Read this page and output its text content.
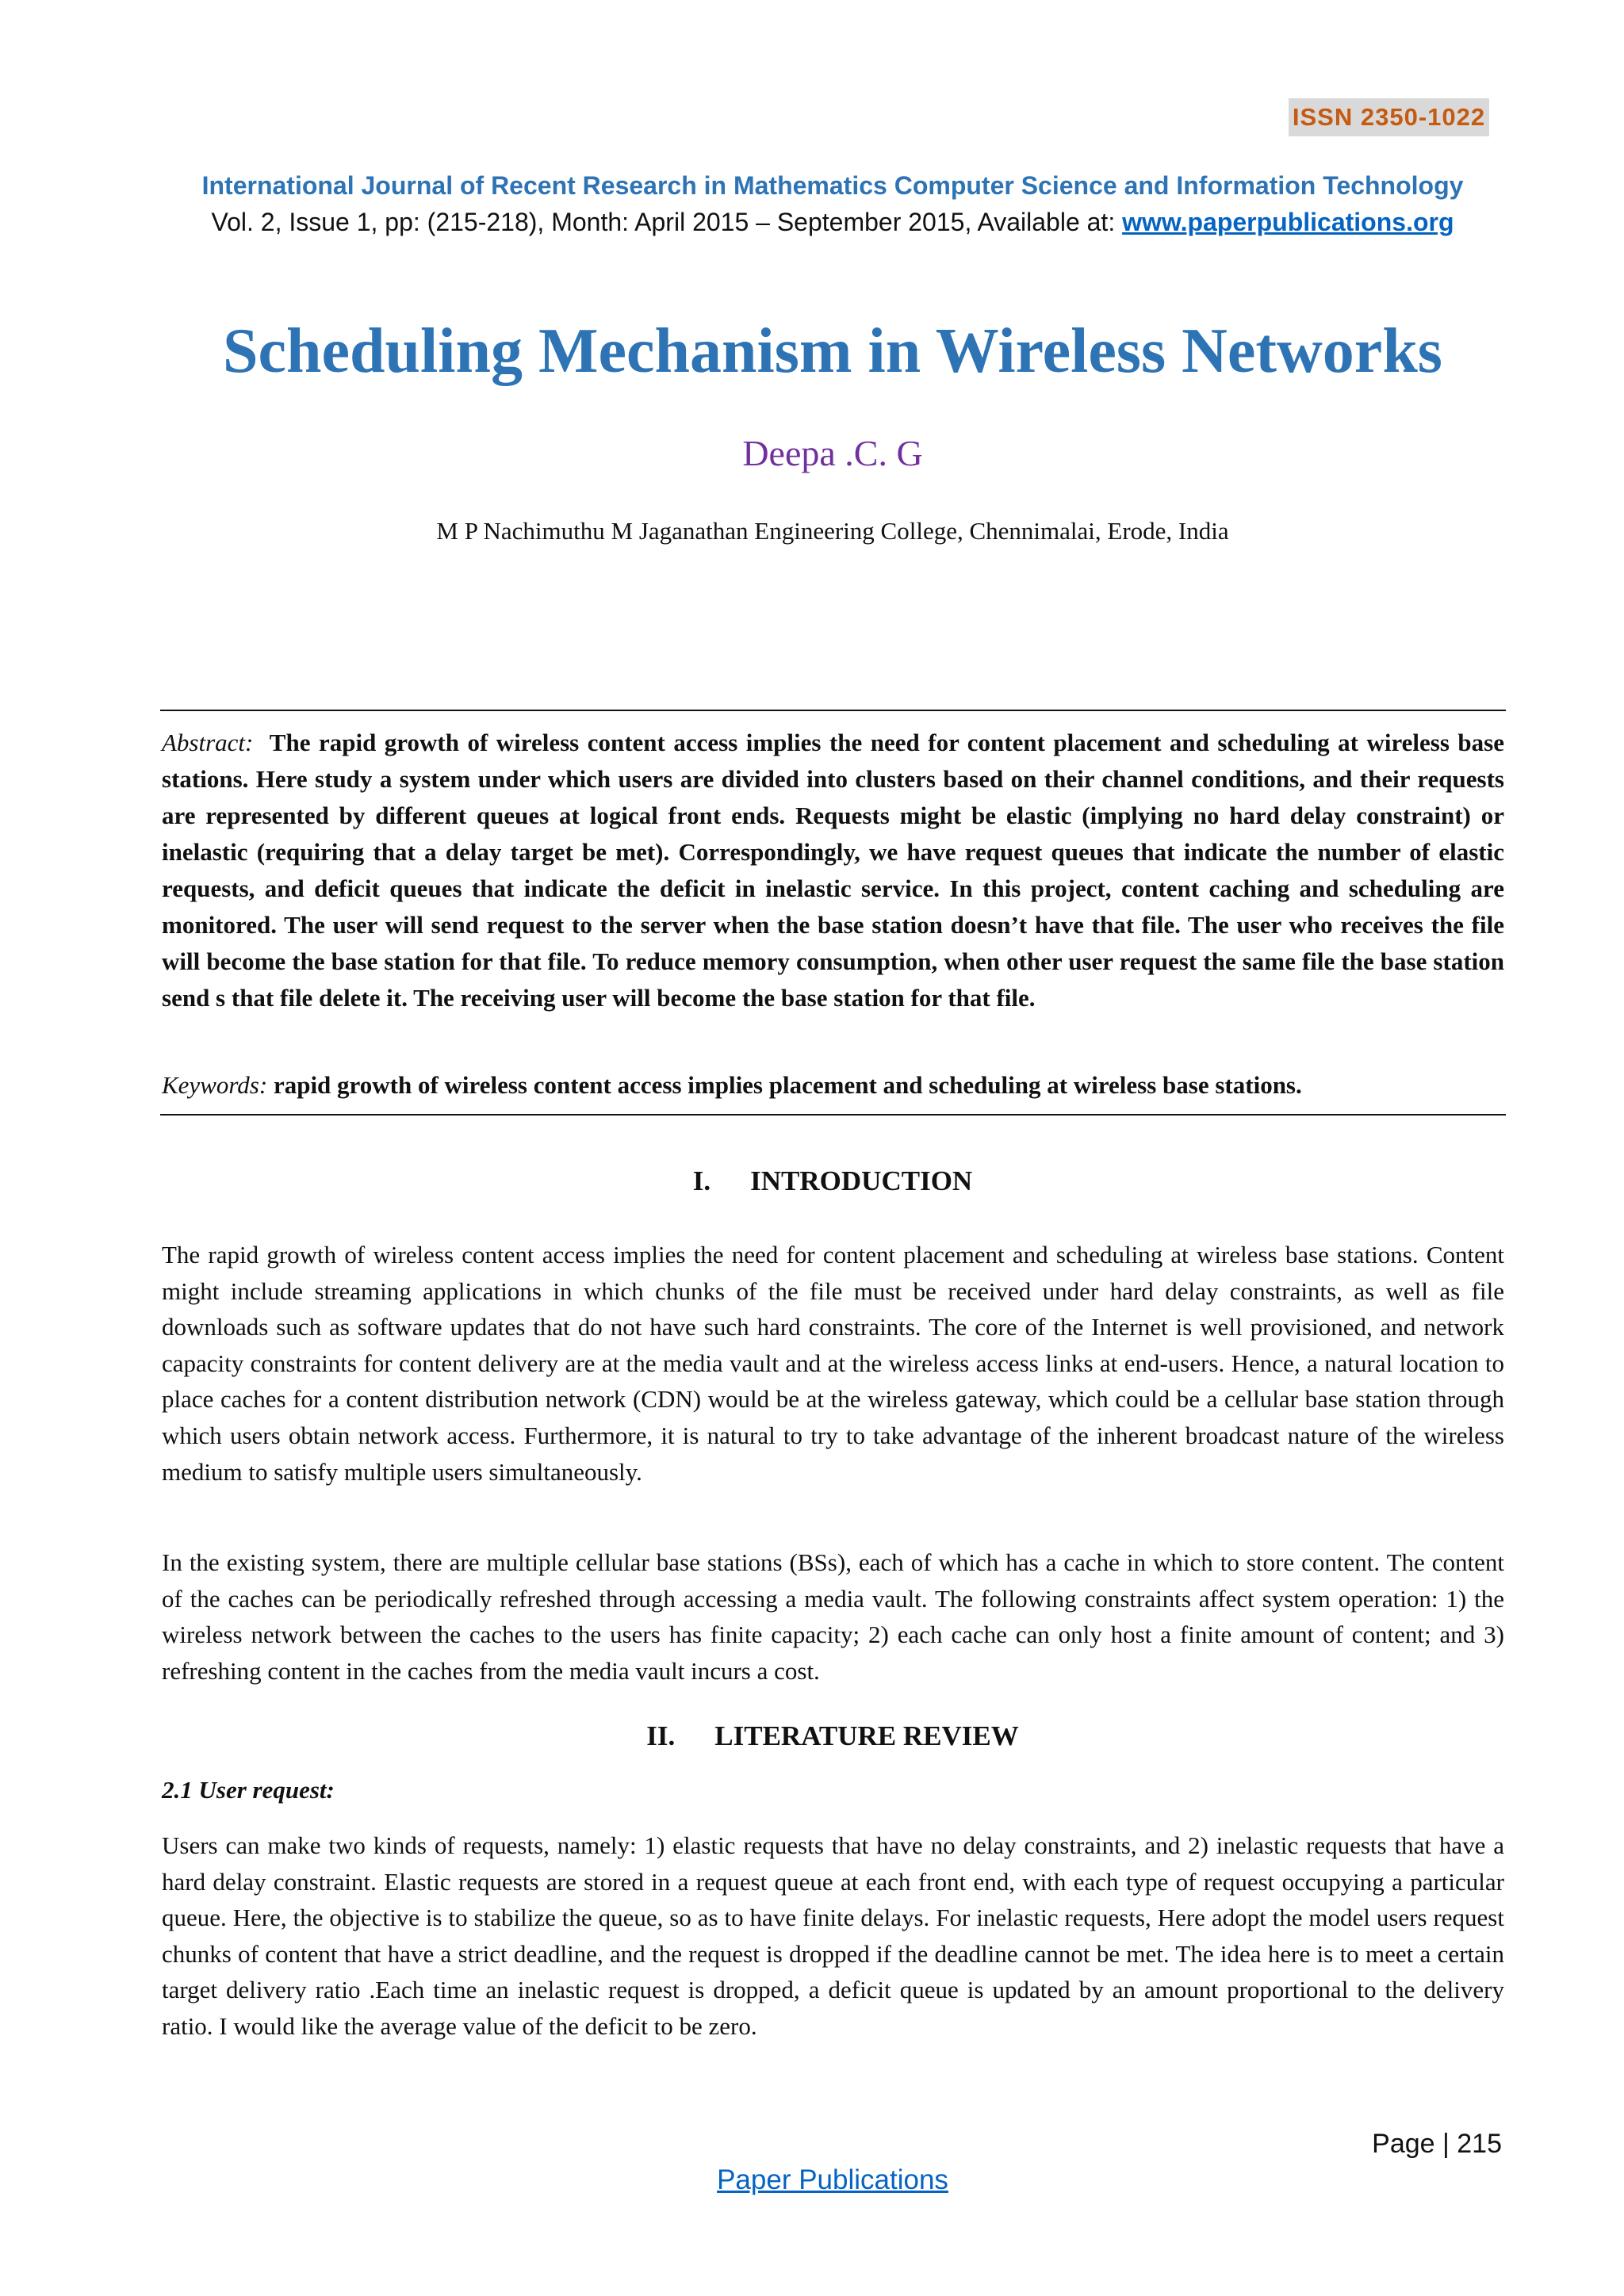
ISSN 2350-1022
International Journal of Recent Research in Mathematics Computer Science and Information Technology
Vol. 2, Issue 1, pp: (215-218), Month: April 2015 – September 2015, Available at: www.paperpublications.org
Scheduling Mechanism in Wireless Networks
Deepa .C. G
M P Nachimuthu M Jaganathan Engineering College, Chennimalai, Erode, India
Abstract: The rapid growth of wireless content access implies the need for content placement and scheduling at wireless base stations. Here study a system under which users are divided into clusters based on their channel conditions, and their requests are represented by different queues at logical front ends. Requests might be elastic (implying no hard delay constraint) or inelastic (requiring that a delay target be met). Correspondingly, we have request queues that indicate the number of elastic requests, and deficit queues that indicate the deficit in inelastic service. In this project, content caching and scheduling are monitored. The user will send request to the server when the base station doesn’t have that file. The user who receives the file will become the base station for that file. To reduce memory consumption, when other user request the same file the base station send s that file delete it. The receiving user will become the base station for that file.
Keywords: rapid growth of wireless content access implies placement and scheduling at wireless base stations.
I. INTRODUCTION
The rapid growth of wireless content access implies the need for content placement and scheduling at wireless base stations. Content might include streaming applications in which chunks of the file must be received under hard delay constraints, as well as file downloads such as software updates that do not have such hard constraints. The core of the Internet is well provisioned, and network capacity constraints for content delivery are at the media vault and at the wireless access links at end-users. Hence, a natural location to place caches for a content distribution network (CDN) would be at the wireless gateway, which could be a cellular base station through which users obtain network access. Furthermore, it is natural to try to take advantage of the inherent broadcast nature of the wireless medium to satisfy multiple users simultaneously.
In the existing system, there are multiple cellular base stations (BSs), each of which has a cache in which to store content. The content of the caches can be periodically refreshed through accessing a media vault. The following constraints affect system operation: 1) the wireless network between the caches to the users has finite capacity; 2) each cache can only host a finite amount of content; and 3) refreshing content in the caches from the media vault incurs a cost.
II. LITERATURE REVIEW
2.1 User request:
Users can make two kinds of requests, namely: 1) elastic requests that have no delay constraints, and 2) inelastic requests that have a hard delay constraint. Elastic requests are stored in a request queue at each front end, with each type of request occupying a particular queue. Here, the objective is to stabilize the queue, so as to have finite delays. For inelastic requests, Here adopt the model users request chunks of content that have a strict deadline, and the request is dropped if the deadline cannot be met. The idea here is to meet a certain target delivery ratio .Each time an inelastic request is dropped, a deficit queue is updated by an amount proportional to the delivery ratio. I would like the average value of the deficit to be zero.
Page | 215
Paper Publications
